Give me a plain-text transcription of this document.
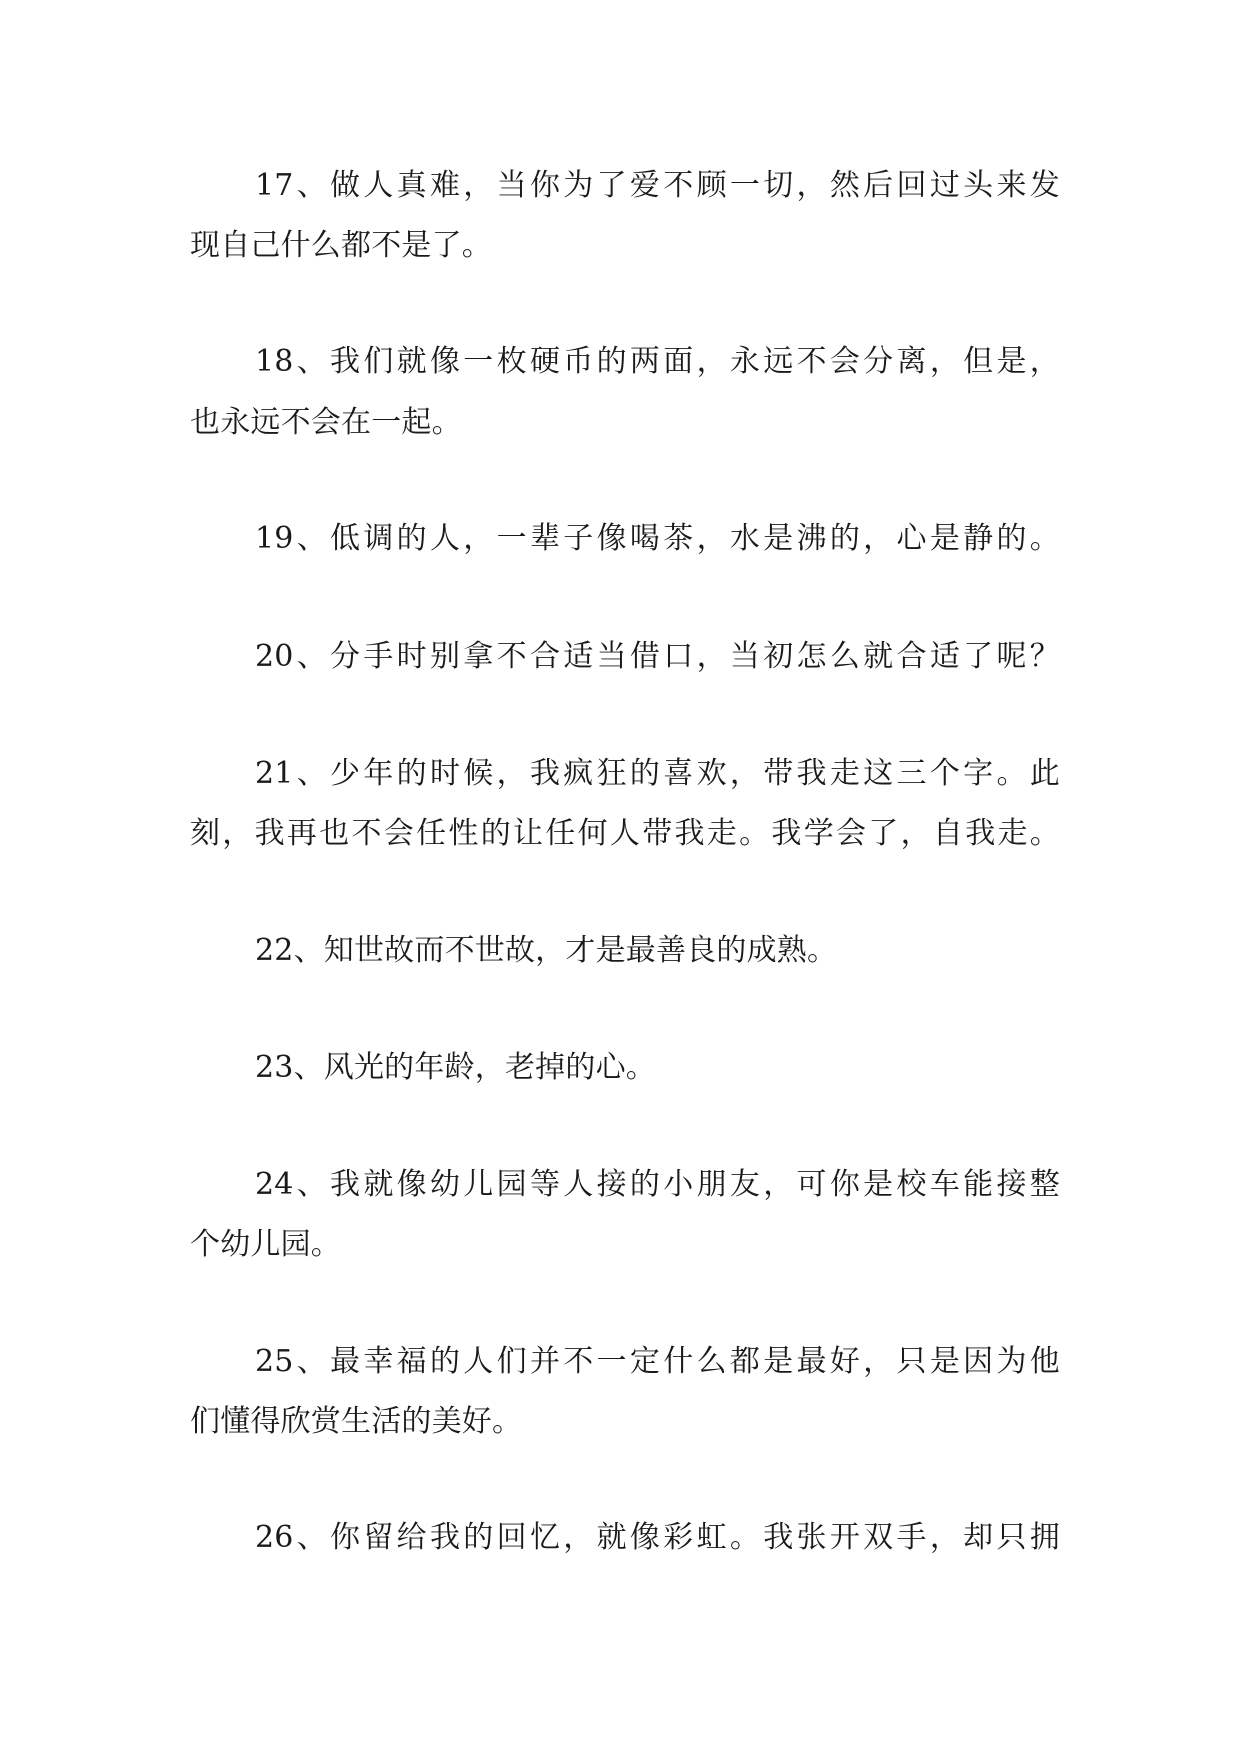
17、做人真难，当你为了爱不顾一切，然后回过头来发
现自己什么都不是了。
18、我们就像一枚硬币的两面，永远不会分离，但是，
也永远不会在一起。
19、低调的人，一辈子像喝茶，水是沸的，心是静的。
20、分手时别拿不合适当借口，当初怎么就合适了呢？
21、少年的时候，我疯狂的喜欢，带我走这三个字。此
刻，我再也不会任性的让任何人带我走。我学会了，自我走。
22、知世故而不世故，才是最善良的成熟。
23、风光的年龄，老掉的心。
24、我就像幼儿园等人接的小朋友，可你是校车能接整
个幼儿园。
25、最幸福的人们并不一定什么都是最好，只是因为他
们懂得欣赏生活的美好。
26、你留给我的回忆，就像彩虹。我张开双手，却只拥
